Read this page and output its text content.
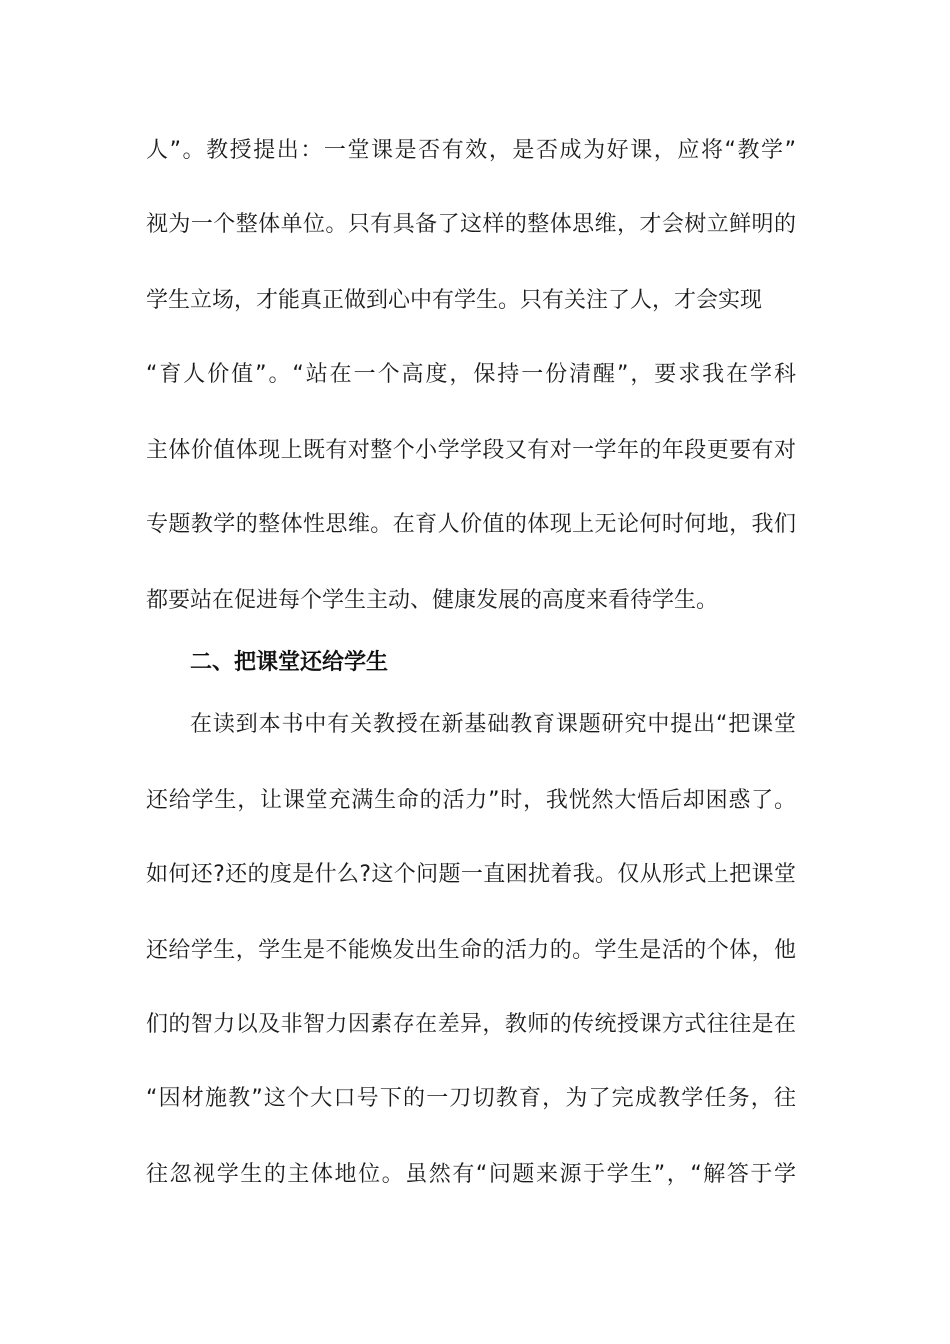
人”。教授提出：一堂课是否有效，是否成为好课，应将“教学”
视为一个整体单位。只有具备了这样的整体思维，才会树立鲜明的
学生立场，才能真正做到心中有学生。只有关注了人，才会实现
“育人价值”。“站在一个高度，保持一份清醒”，要求我在学科
主体价值体现上既有对整个小学学段又有对一学年的年段更要有对
专题教学的整体性思维。在育人价值的体现上无论何时何地，我们
都要站在促进每个学生主动、健康发展的高度来看待学生。
二、把课堂还给学生
在读到本书中有关教授在新基础教育课题研究中提出“把课堂
还给学生，让课堂充满生命的活力”时，我恍然大悟后却困惑了。
如何还?还的度是什么?这个问题一直困扰着我。仅从形式上把课堂
还给学生，学生是不能焕发出生命的活力的。学生是活的个体，他
们的智力以及非智力因素存在差异，教师的传统授课方式往往是在
“因材施教”这个大口号下的一刀切教育，为了完成教学任务，往
往忽视学生的主体地位。虽然有“问题来源于学生”，“解答于学
